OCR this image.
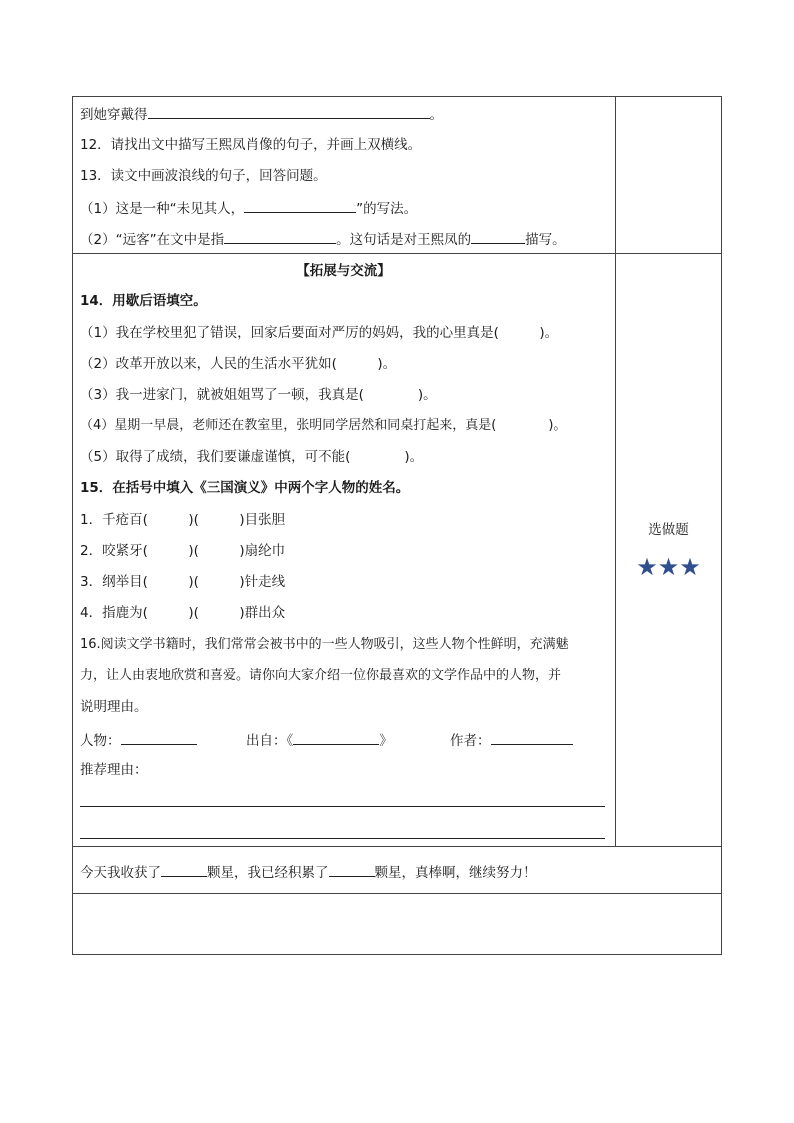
到她穿戴得	。
12．请找出文中描写王熙凤肖像的句子，并画上双横线。
13．读文中画波浪线的句子，回答问题。
（1）这是一种“未见其人，	”的写法。
（2）“远客”在文中是指	。这句话是对王熙凤的	描写。
【拓展与交流】
14．用歇后语填空。
（1）我在学校里犯了错误，回家后要面对严厉的妈妈，我的心里真是(　　　)。
（2）改革开放以来，人民的生活水平犹如(　　　)。
（3）我一进家门，就被姐姐骂了一顿，我真是(　　　　)。
（4）星期一早晨，老师还在教室里，张明同学居然和同桌打起来，真是(　　　　)。
（5）取得了成绩，我们要谦虚谨慎，可不能(　　　　)。
15．在括号中填入《三国演义》中两个字人物的姓名。
1．千疮百(　　　)(　　　)目张胆
2．咬紧牙(　　　)(　　　)扇纶巾
3．纲举目(　　　)(　　　)针走线
4．指鹿为(　　　)(　　　)群出众
16.阅读文学书籍时，我们常常会被书中的一些人物吸引，这些人物个性鲜明，充满魅
力，让人由衷地欣赏和喜爱。请你向大家介绍一位你最喜欢的文学作品中的人物，并
说明理由。
人物：	出自：《	》	作者：
推荐理由：
选做题
★★★
今天我收获了	颗星，我已经积累了	颗星，真棒啊，继续努力！
